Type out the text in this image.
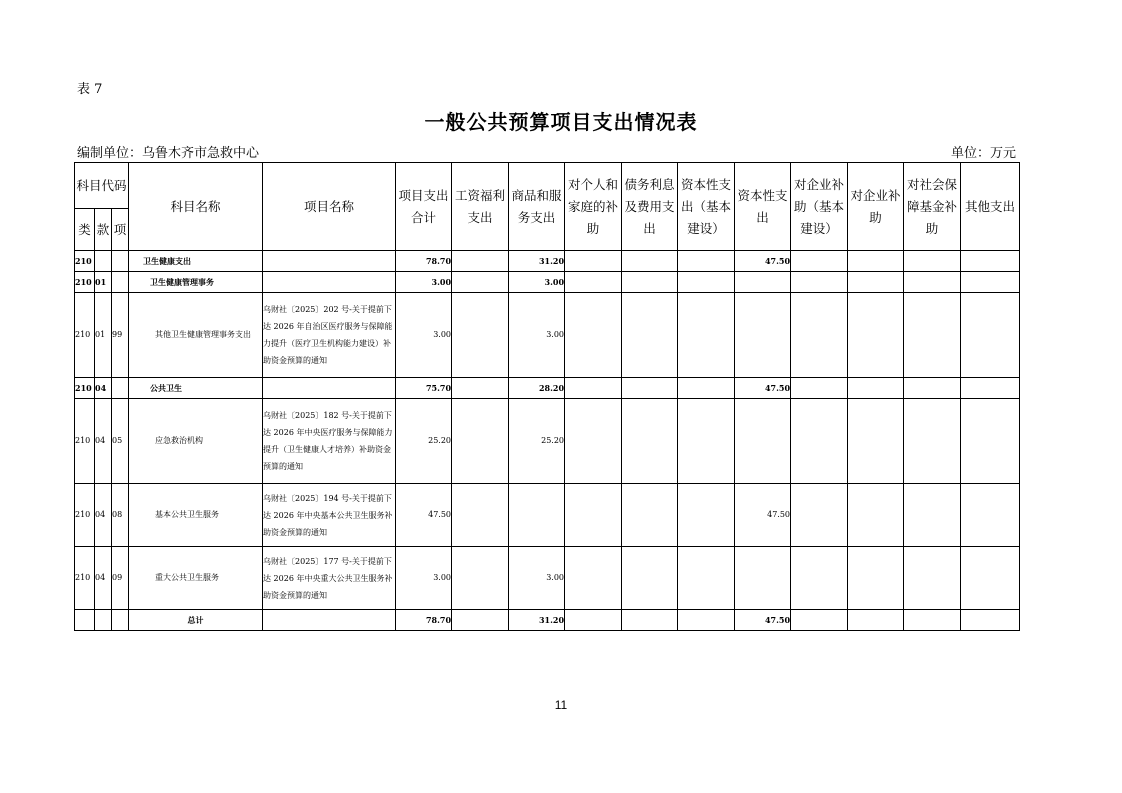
表 7
一般公共预算项目支出情况表
编制单位：乌鲁木齐市急救中心	单位：万元
科目代码			科目名称	项目名称	项目支出合计	工资福利支出	商品和服务支出	对个人和家庭的补助	债务利息及费用支出	资本性支出（基本建设）	资本性支出	对企业补助（基本建设）	对企业补助	对社会保障基金补助	其他支出
类	款	项													
210			卫生健康支出		78.70		31.20				47.50				
210	01		卫生健康管理事务		3.00		3.00								
210	01	99	其他卫生健康管理事务支出	乌财社〔2025〕202 号-关于提前下达 2026 年自治区医疗服务与保障能力提升（医疗卫生机构能力建设）补助资金预算的通知	3.00		3.00								
210	04		公共卫生		75.70		28.20				47.50				
210	04	05	应急救治机构	乌财社〔2025〕182 号-关于提前下达 2026 年中央医疗服务与保障能力提升（卫生健康人才培养）补助资金预算的通知	25.20		25.20								
210	04	08	基本公共卫生服务	乌财社〔2025〕194 号-关于提前下达 2026 年中央基本公共卫生服务补助资金预算的通知	47.50						47.50				
210	04	09	重大公共卫生服务	乌财社〔2025〕177 号-关于提前下达 2026 年中央重大公共卫生服务补助资金预算的通知	3.00		3.00								
			总计		78.70		31.20				47.50				
11
